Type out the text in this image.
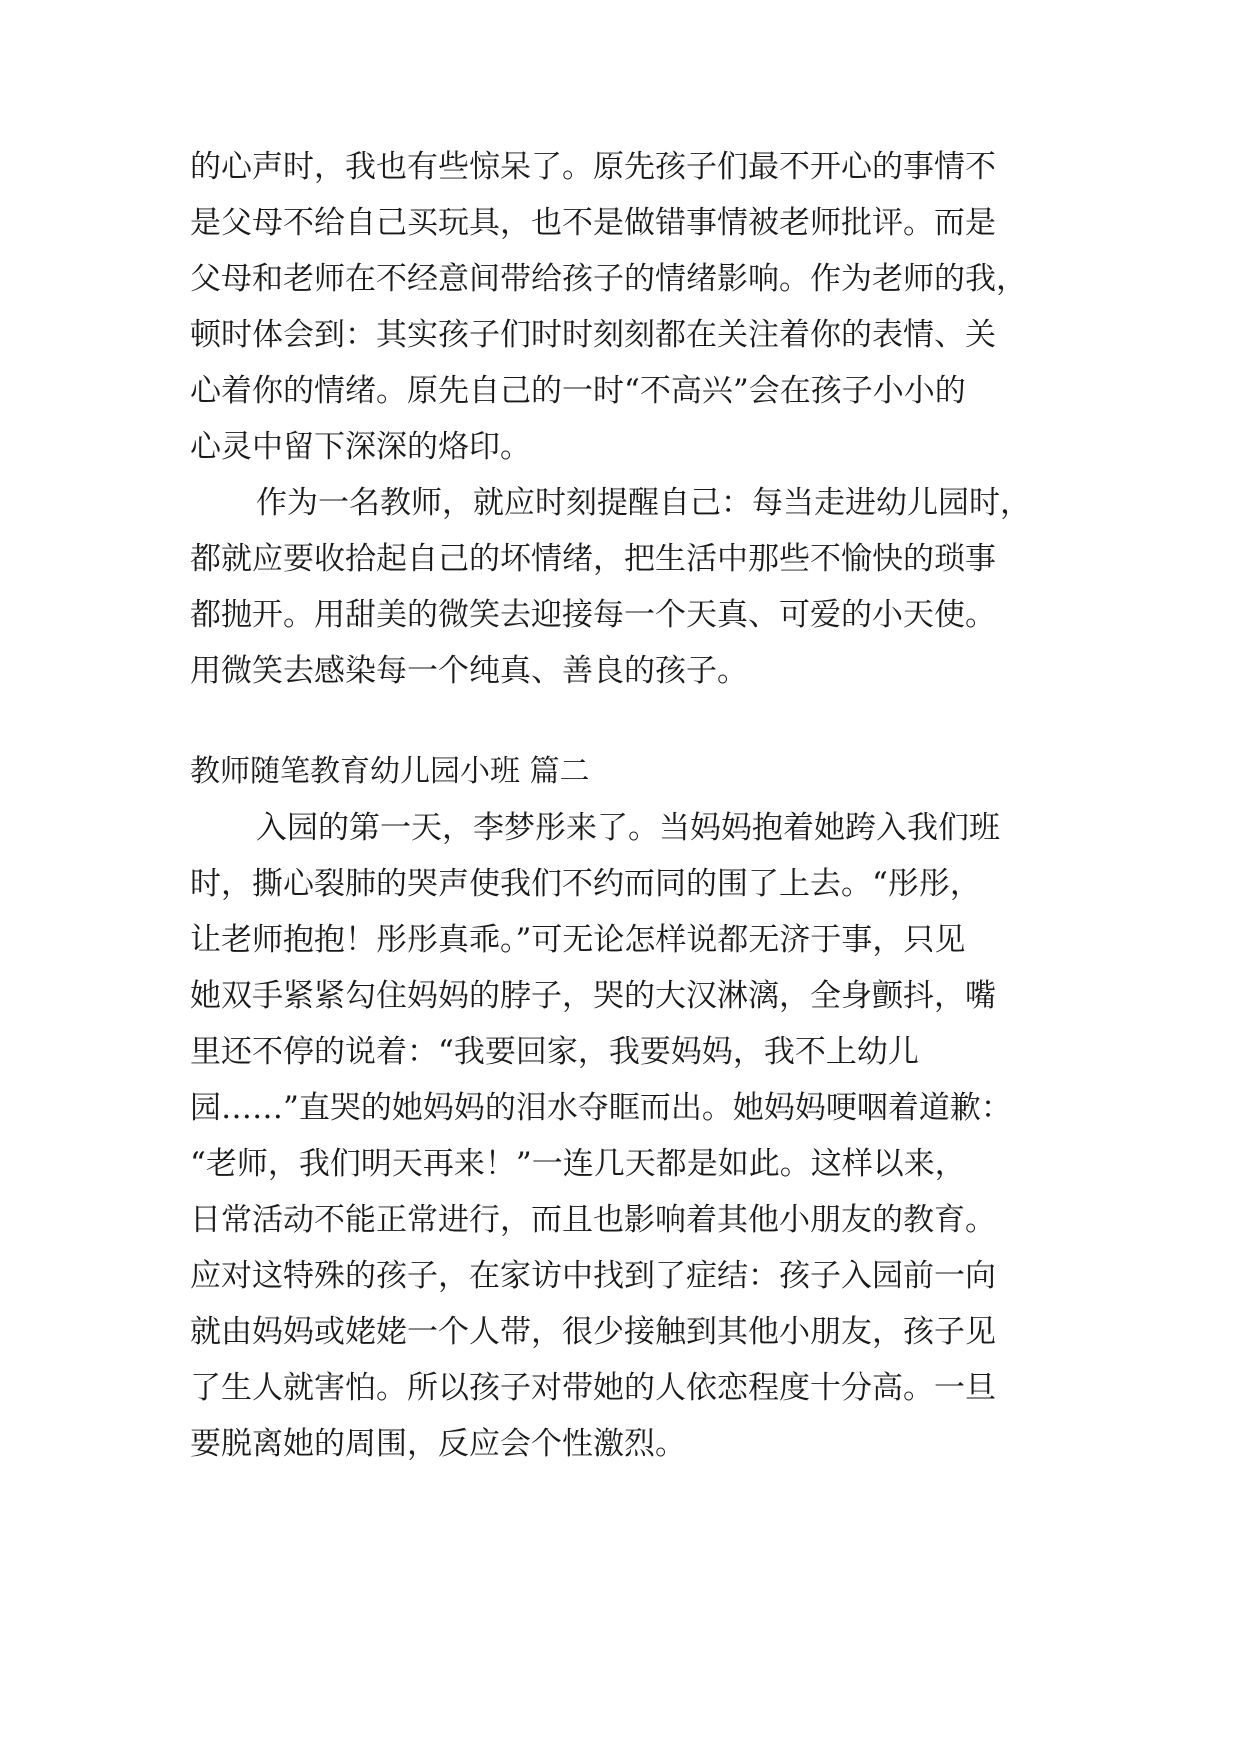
的心声时，我也有些惊呆了。原先孩子们最不开心的事情不

是父母不给自己买玩具，也不是做错事情被老师批评。而是

父母和老师在不经意间带给孩子的情绪影响。作为老师的我，

顿时体会到：其实孩子们时时刻刻都在关注着你的表情、关

心着你的情绪。原先自己的一时“不高兴”会在孩子小小的

心灵中留下深深的烙印。

作为一名教师，就应时刻提醒自己：每当走进幼儿园时，

都就应要收拾起自己的坏情绪，把生活中那些不愉快的琐事

都抛开。用甜美的微笑去迎接每一个天真、可爱的小天使。

用微笑去感染每一个纯真、善良的孩子。

教师随笔教育幼儿园小班 篇二

入园的第一天，李梦彤来了。当妈妈抱着她跨入我们班

时，撕心裂肺的哭声使我们不约而同的围了上去。“彤彤，

让老师抱抱！彤彤真乖。”可无论怎样说都无济于事，只见

她双手紧紧勾住妈妈的脖子，哭的大汉淋漓，全身颤抖，嘴

里还不停的说着：“我要回家，我要妈妈，我不上幼儿

园……”直哭的她妈妈的泪水夺眶而出。她妈妈哽咽着道歉：

“老师，我们明天再来！”一连几天都是如此。这样以来，

日常活动不能正常进行，而且也影响着其他小朋友的教育。

应对这特殊的孩子，在家访中找到了症结：孩子入园前一向

就由妈妈或姥姥一个人带，很少接触到其他小朋友，孩子见

了生人就害怕。所以孩子对带她的人依恋程度十分高。一旦

要脱离她的周围，反应会个性激烈。
